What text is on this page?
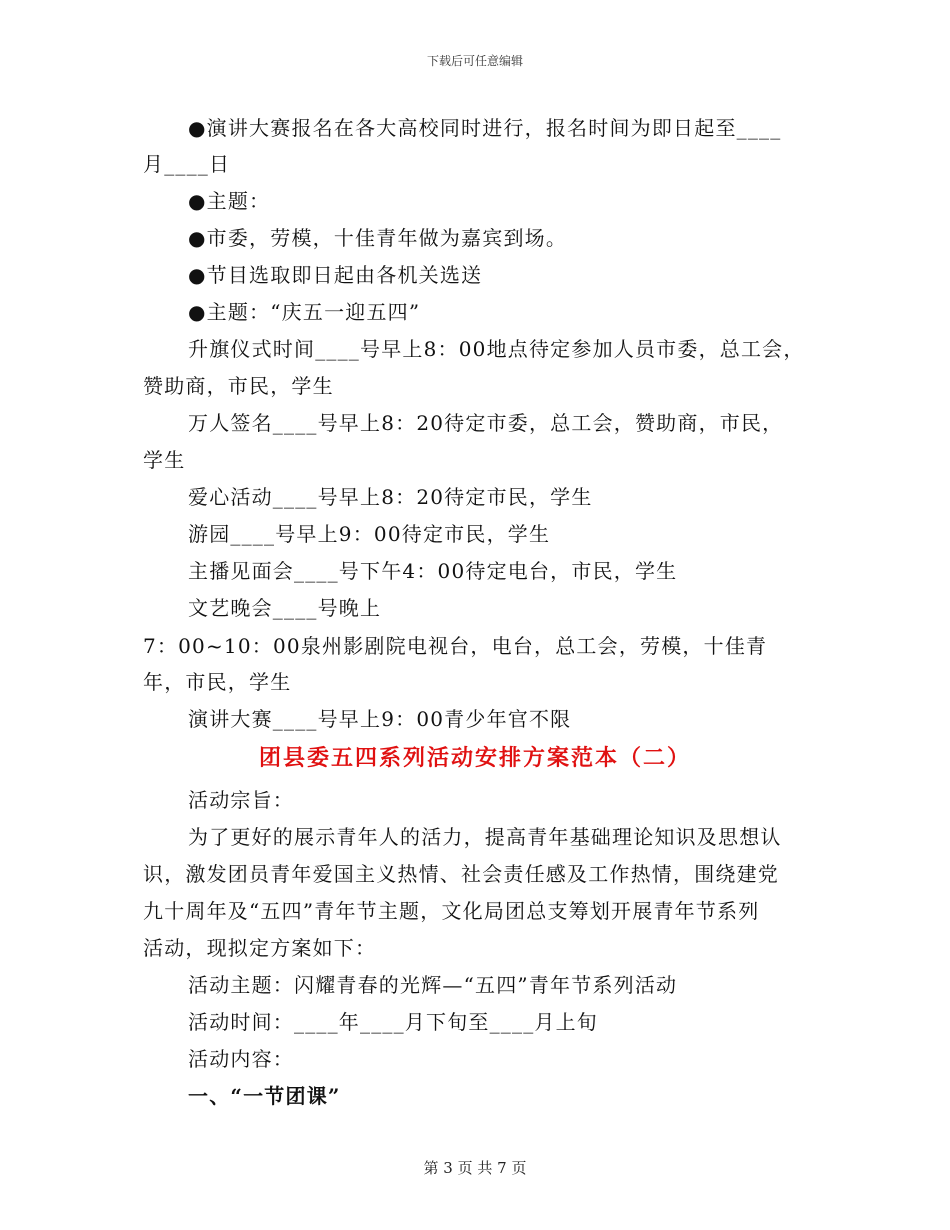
下载后可任意编辑
●演讲大赛报名在各大高校同时进行，报名时间为即日起至____
月____日
●主题：
●市委，劳模，十佳青年做为嘉宾到场。
●节目选取即日起由各机关选送
●主题：“庆五一迎五四”
升旗仪式时间____号早上8：00地点待定参加人员市委，总工会，
赞助商，市民，学生
万人签名____号早上8：20待定市委，总工会，赞助商，市民，
学生
爱心活动____号早上8：20待定市民，学生
游园____号早上9：00待定市民，学生
主播见面会____号下午4：00待定电台，市民，学生
文艺晚会____号晚上
7：00~10：00泉州影剧院电视台，电台，总工会，劳模，十佳青
年，市民，学生
演讲大赛____号早上9：00青少年官不限
团县委五四系列活动安排方案范本（二）
活动宗旨：
为了更好的展示青年人的活力，提高青年基础理论知识及思想认
识，激发团员青年爱国主义热情、社会责任感及工作热情，围绕建党
九十周年及“五四”青年节主题，文化局团总支筹划开展青年节系列
活动，现拟定方案如下：
活动主题：闪耀青春的光辉—“五四”青年节系列活动
活动时间：____年____月下旬至____月上旬
活动内容：
一、“一节团课”
第 3 页 共 7 页
